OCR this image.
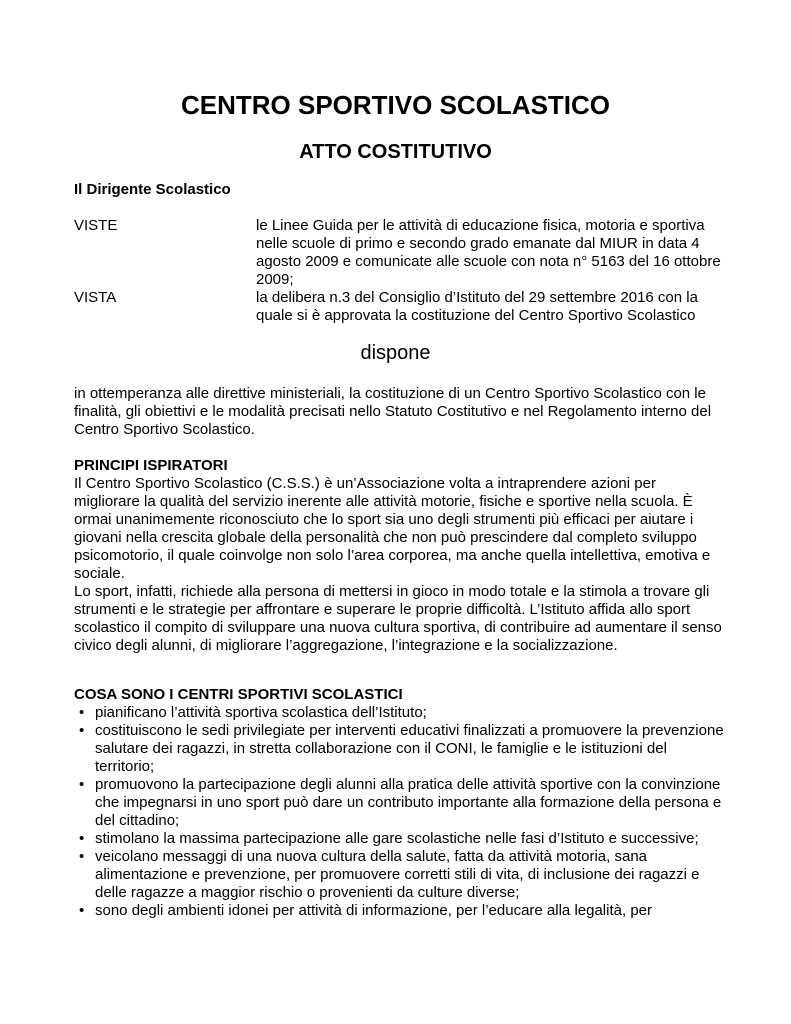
CENTRO SPORTIVO SCOLASTICO
ATTO COSTITUTIVO
Il Dirigente Scolastico
VISTE	le Linee Guida per le attività di educazione fisica, motoria e sportiva nelle scuole di primo e secondo grado emanate dal MIUR in data 4 agosto 2009 e comunicate alle scuole con nota n° 5163 del 16 ottobre 2009;
VISTA	la delibera n.3 del Consiglio d’Istituto del 29 settembre 2016 con la quale si è approvata la costituzione del Centro Sportivo Scolastico
dispone

in ottemperanza alle direttive ministeriali, la costituzione di un Centro Sportivo Scolastico con le finalità, gli obiettivi e le modalità precisati nello Statuto Costitutivo e nel Regolamento interno del Centro Sportivo Scolastico.

PRINCIPI ISPIRATORI

Il Centro Sportivo Scolastico (C.S.S.) è un’Associazione volta a intraprendere azioni per migliorare la qualità del servizio inerente alle attività motorie, fisiche e sportive nella scuola. È ormai unanimemente riconosciuto che lo sport sia uno degli strumenti più efficaci per aiutare i giovani nella crescita globale della personalità che non può prescindere dal completo sviluppo psicomotorio, il quale coinvolge non solo l’area corporea, ma anche quella intellettiva, emotiva e sociale.

Lo sport, infatti, richiede alla persona di mettersi in gioco in modo totale e la stimola a trovare gli strumenti e le strategie per affrontare e superare le proprie difficoltà. L’Istituto affida allo sport scolastico il compito di sviluppare una nuova cultura sportiva, di contribuire ad aumentare il senso civico degli alunni, di migliorare l’aggregazione, l’integrazione e la socializzazione.

COSA SONO I CENTRI SPORTIVI SCOLASTICI
• pianificano l’attività sportiva scolastica dell’Istituto;
• costituiscono le sedi privilegiate per interventi educativi finalizzati a promuovere la prevenzione salutare dei ragazzi, in stretta collaborazione con il CONI, le famiglie e le istituzioni del territorio;
• promuovono la partecipazione degli alunni alla pratica delle attività sportive con la convinzione che impegnarsi in uno sport può dare un contributo importante alla formazione della persona e del cittadino;
• stimolano la massima partecipazione alle gare scolastiche nelle fasi d’Istituto e successive;
• veicolano messaggi di una nuova cultura della salute, fatta da attività motoria, sana alimentazione e prevenzione, per promuovere corretti stili di vita, di inclusione dei ragazzi e delle ragazze a maggior rischio o provenienti da culture diverse;
• sono degli ambienti idonei per attività di informazione, per l’educare alla legalità, per
